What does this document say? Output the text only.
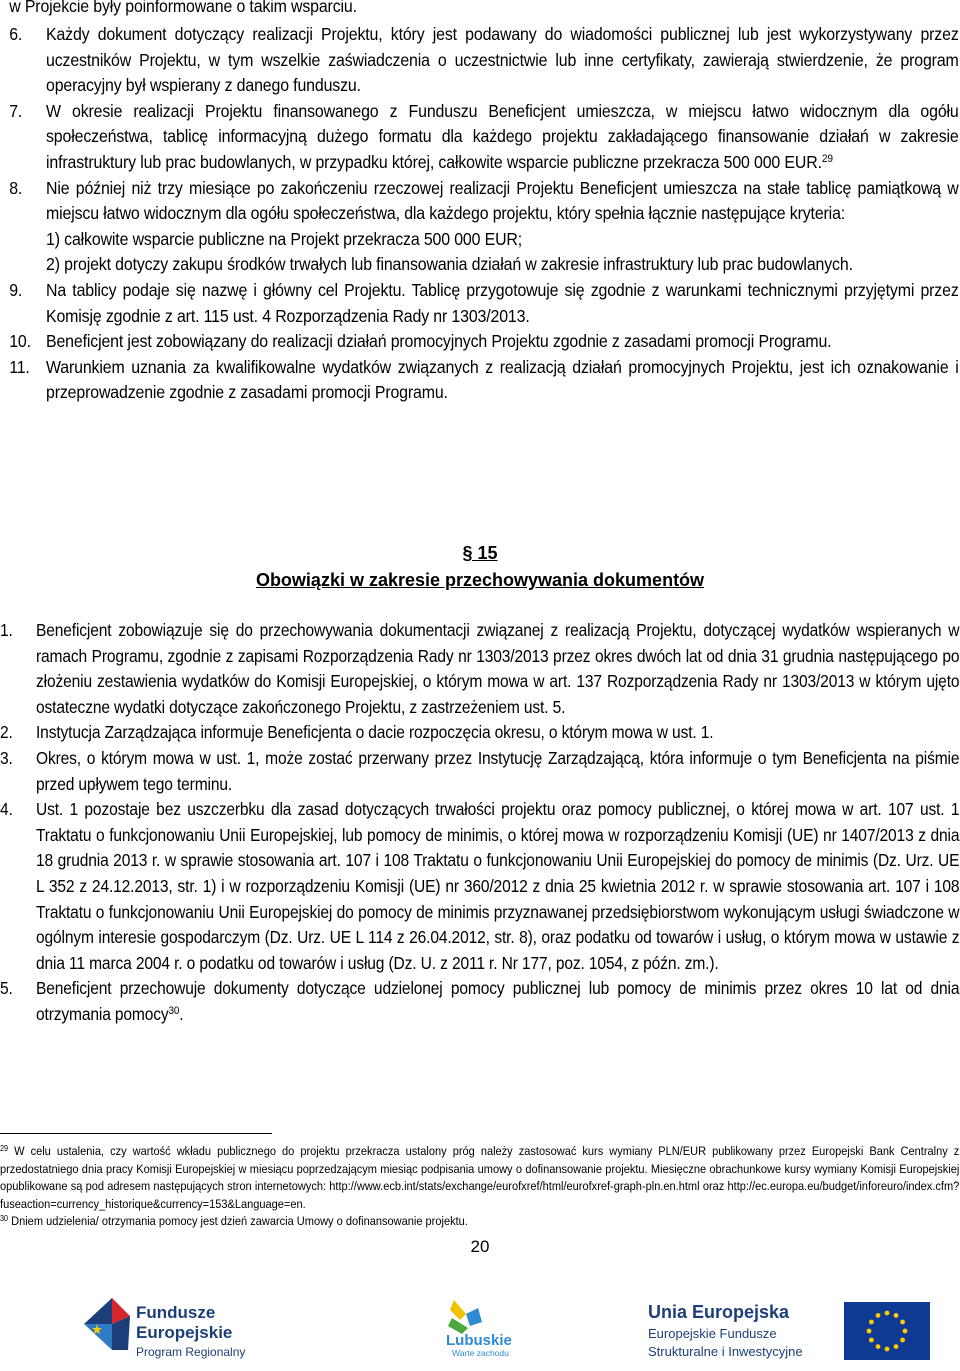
w Projekcie były poinformowane o takim wsparciu.
6.	Każdy dokument dotyczący realizacji Projektu, który jest podawany do wiadomości publicznej lub jest wykorzystywany przez uczestników Projektu, w tym wszelkie zaświadczenia o uczestnictwie lub inne certyfikaty, zawierają stwierdzenie, że program operacyjny był wspierany z danego funduszu.
7.	W okresie realizacji Projektu finansowanego z Funduszu Beneficjent umieszcza, w miejscu łatwo widocznym dla ogółu społeczeństwa, tablicę informacyjną dużego formatu dla każdego projektu zakładającego finansowanie działań w zakresie infrastruktury lub prac budowlanych, w przypadku której, całkowite wsparcie publiczne przekracza 500 000 EUR.$^{29}$
8.	Nie później niż trzy miesiące po zakończeniu rzeczowej realizacji Projektu Beneficjent umieszcza na stałe tablicę pamiątkową w miejscu łatwo widocznym dla ogółu społeczeństwa, dla każdego projektu, który spełnia łącznie następujące kryteria:
1) całkowite wsparcie publiczne na Projekt przekracza 500 000 EUR;
2) projekt dotyczy zakupu środków trwałych lub finansowania działań w zakresie infrastruktury lub prac budowlanych.
9.	Na tablicy podaje się nazwę i główny cel Projektu. Tablicę przygotowuje się zgodnie z warunkami technicznymi przyjętymi przez Komisję zgodnie z art. 115 ust. 4 Rozporządzenia Rady nr 1303/2013.
10. Beneficjent jest zobowiązany do realizacji działań promocyjnych Projektu zgodnie z zasadami promocji Programu.
11. Warunkiem uznania za kwalifikowalne wydatków związanych z realizacją działań promocyjnych Projektu, jest ich oznakowanie i przeprowadzenie zgodnie z zasadami promocji Programu.
§ 15
Obowiązki w zakresie przechowywania dokumentów
1.	Beneficjent zobowiązuje się do przechowywania dokumentacji związanej z realizacją Projektu, dotyczącej wydatków wspieranych w ramach Programu, zgodnie z zapisami Rozporządzenia Rady nr 1303/2013 przez okres dwóch lat od dnia 31 grudnia następującego po złożeniu zestawienia wydatków do Komisji Europejskiej, o którym mowa w art. 137 Rozporządzenia Rady nr 1303/2013 w którym ujęto ostateczne wydatki dotyczące zakończonego Projektu, z zastrzeżeniem ust. 5.
2.	Instytucja Zarządzająca informuje Beneficjenta o dacie rozpoczęcia okresu, o którym mowa w ust. 1.
3.	Okres, o którym mowa w ust. 1, może zostać przerwany przez Instytucję Zarządzającą, która informuje o tym Beneficjenta na piśmie przed upływem tego terminu.
4.	Ust. 1 pozostaje bez uszczerbku dla zasad dotyczących trwałości projektu oraz pomocy publicznej, o której mowa w art. 107 ust. 1 Traktatu o funkcjonowaniu Unii Europejskiej, lub pomocy de minimis, o której mowa w rozporządzeniu Komisji (UE) nr 1407/2013 z dnia 18 grudnia 2013 r. w sprawie stosowania art. 107 i 108 Traktatu o funkcjonowaniu Unii Europejskiej do pomocy de minimis (Dz. Urz. UE L 352 z 24.12.2013, str. 1) i w rozporządzeniu Komisji (UE) nr 360/2012 z dnia 25 kwietnia 2012 r. w sprawie stosowania art. 107 i 108 Traktatu o funkcjonowaniu Unii Europejskiej do pomocy de minimis przyznawanej przedsiębiorstwom wykonującym usługi świadczone w ogólnym interesie gospodarczym (Dz. Urz. UE L 114 z 26.04.2012, str. 8), oraz podatku od towarów i usług, o którym mowa w ustawie z dnia 11 marca 2004 r. o podatku od towarów i usług (Dz. U. z 2011 r. Nr 177, poz. 1054, z późn. zm.).
5.	Beneficjent przechowuje dokumenty dotyczące udzielonej pomocy publicznej lub pomocy de minimis przez okres 10 lat od dnia otrzymania pomocy$^{30}$.

$^{29}$ W celu ustalenia, czy wartość wkładu publicznego do projektu przekracza ustalony próg należy zastosować kurs wymiany PLN/EUR publikowany przez Europejski Bank Centralny z przedostatniego dnia pracy Komisji Europejskiej w miesiącu poprzedzającym miesiąc podpisania umowy o dofinansowanie projektu. Miesięczne obrachunkowe kursy wymiany Komisji Europejskiej opublikowane są pod adresem następujących stron internetowych: http://www.ecb.int/stats/exchange/eurofxref/html/eurofxref-graph-pln.en.html oraz http://ec.europa.eu/budget/inforeuro/index.cfm?fuseaction=currency_historique&currency=153&Language=en.

$^{30}$ Dniem udzielenia/ otrzymania pomocy jest dzień zawarcia Umowy o dofinansowanie projektu.

20
Fundusze
Europejskie
Program Regionalny
Lubuskie
Warte zachodu
Unia Europejska
Europejskie Fundusze
Strukturalne i Inwestycyjne
